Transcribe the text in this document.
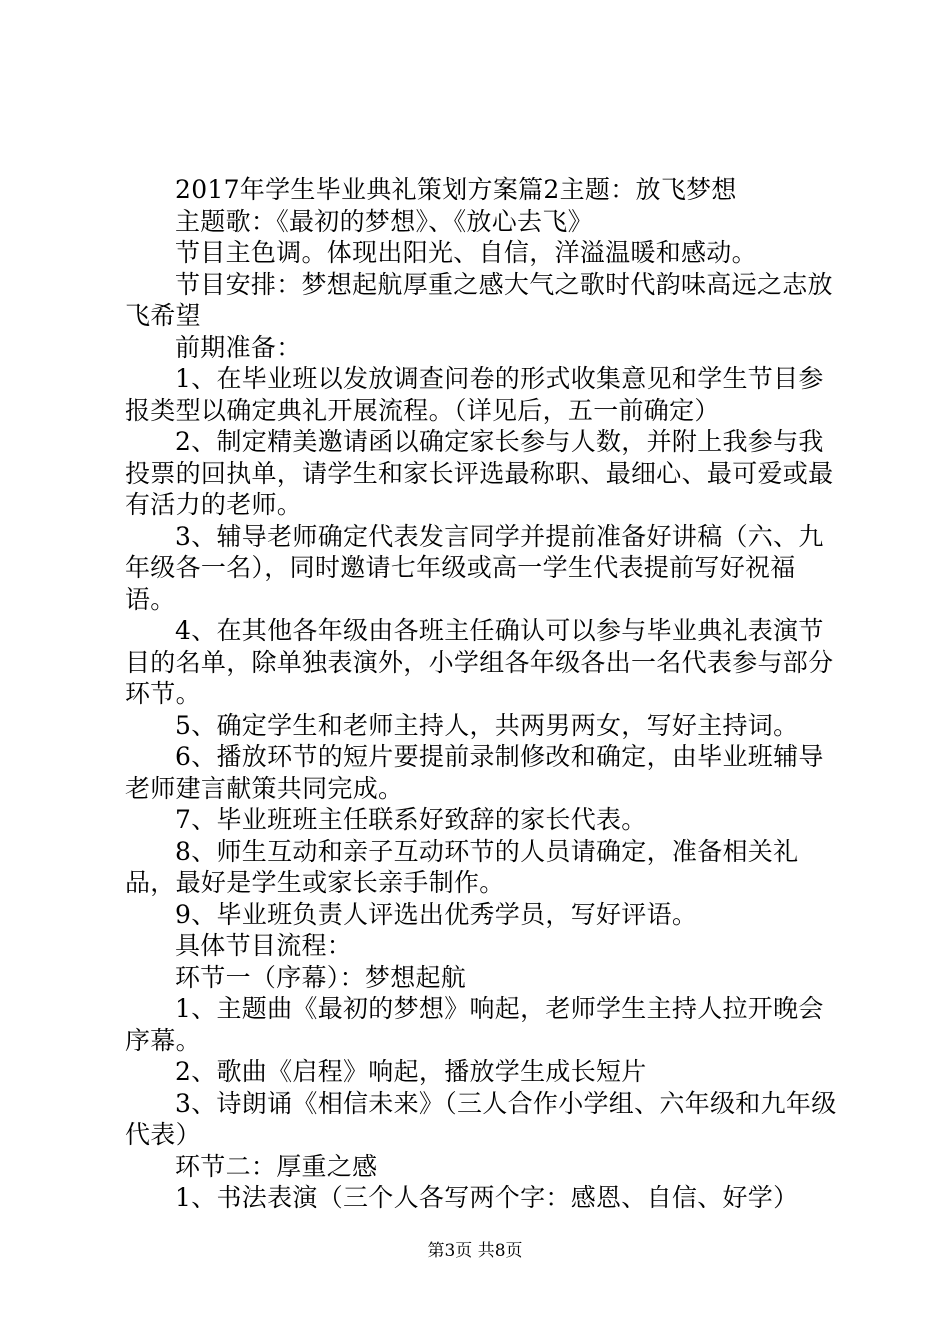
2017年学生毕业典礼策划方案篇2主题：放飞梦想

主题歌：《最初的梦想》、《放心去飞》

节目主色调。体现出阳光、自信，洋溢温暖和感动。

节目安排：梦想起航厚重之感大气之歌时代韵味高远之志放飞希望

前期准备：

1、在毕业班以发放调查问卷的形式收集意见和学生节目参报类型以确定典礼开展流程。（详见后，五一前确定）

2、制定精美邀请函以确定家长参与人数，并附上我参与我投票的回执单，请学生和家长评选最称职、最细心、最可爱或最有活力的老师。

3、辅导老师确定代表发言同学并提前准备好讲稿（六、九年级各一名），同时邀请七年级或高一学生代表提前写好祝福语。

4、在其他各年级由各班主任确认可以参与毕业典礼表演节目的名单，除单独表演外，小学组各年级各出一名代表参与部分环节。

5、确定学生和老师主持人，共两男两女，写好主持词。

6、播放环节的短片要提前录制修改和确定，由毕业班辅导老师建言献策共同完成。

7、毕业班班主任联系好致辞的家长代表。

8、师生互动和亲子互动环节的人员请确定，准备相关礼品，最好是学生或家长亲手制作。

9、毕业班负责人评选出优秀学员，写好评语。

具体节目流程：

环节一（序幕）：梦想起航

1、主题曲《最初的梦想》响起，老师学生主持人拉开晚会序幕。

2、歌曲《启程》响起，播放学生成长短片

3、诗朗诵《相信未来》（三人合作小学组、六年级和九年级代表）

环节二：厚重之感

1、书法表演（三个人各写两个字：感恩、自信、好学）

第3页 共8页
